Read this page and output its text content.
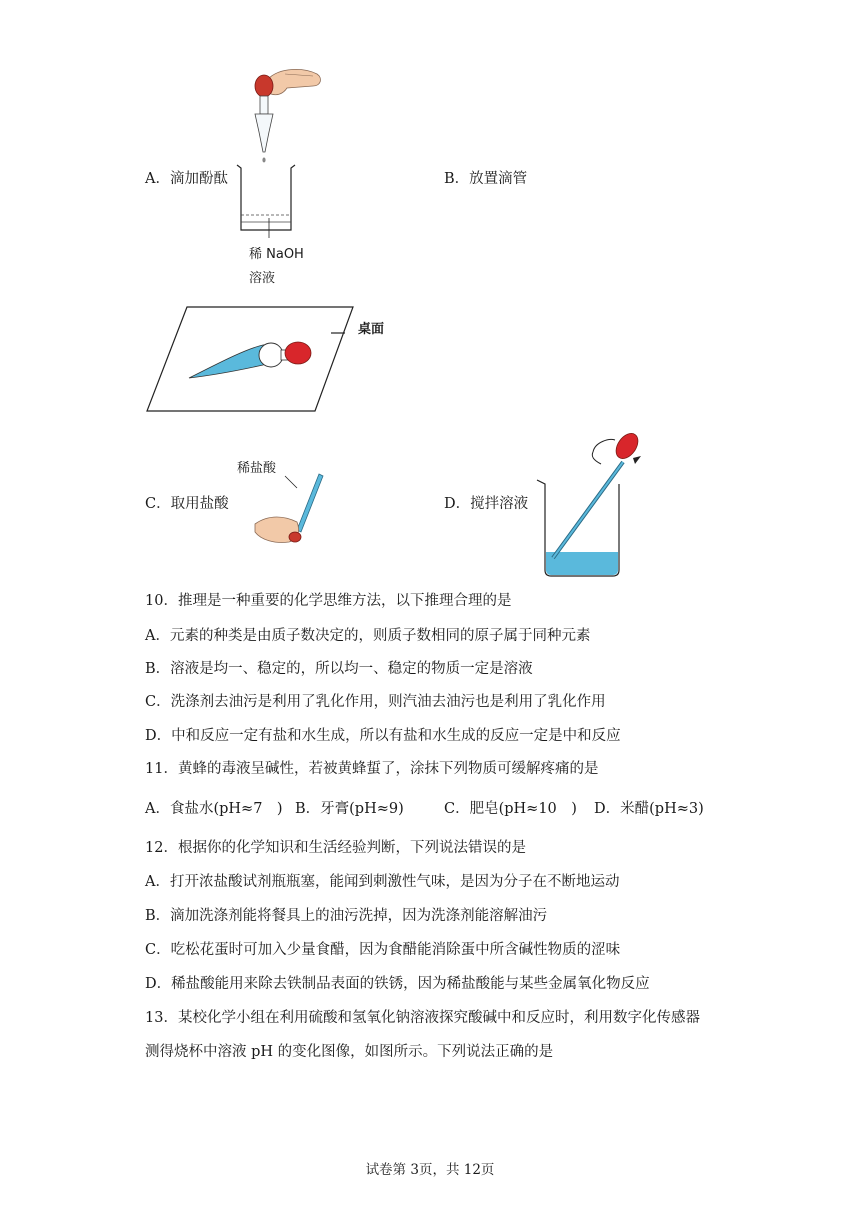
稀 NaOH
溶液
A．滴加酚酞	B．放置滴管
桌面
稀盐酸
C．取用盐酸	D．搅拌溶液
10．推理是一种重要的化学思维方法，以下推理合理的是
A．元素的种类是由质子数决定的，则质子数相同的原子属于同种元素
B．溶液是均一、稳定的，所以均一、稳定的物质一定是溶液
C．洗涤剂去油污是利用了乳化作用，则汽油去油污也是利用了乳化作用
D．中和反应一定有盐和水生成，所以有盐和水生成的反应一定是中和反应
11．黄蜂的毒液呈碱性，若被黄蜂蜇了，涂抹下列物质可缓解疼痛的是
A．食盐水(pH≈7　) B．牙膏(pH≈9)	C．肥皂(pH≈10　) D．米醋(pH≈3)
12．根据你的化学知识和生活经验判断，下列说法错误的是
A．打开浓盐酸试剂瓶瓶塞，能闻到刺激性气味，是因为分子在不断地运动
B．滴加洗涤剂能将餐具上的油污洗掉，因为洗涤剂能溶解油污
C．吃松花蛋时可加入少量食醋，因为食醋能消除蛋中所含碱性物质的涩味
D．稀盐酸能用来除去铁制品表面的铁锈，因为稀盐酸能与某些金属氧化物反应
13．某校化学小组在利用硫酸和氢氧化钠溶液探究酸碱中和反应时，利用数字化传感器
测得烧杯中溶液 pH 的变化图像，如图所示。下列说法正确的是
试卷第 3页，共 12页
